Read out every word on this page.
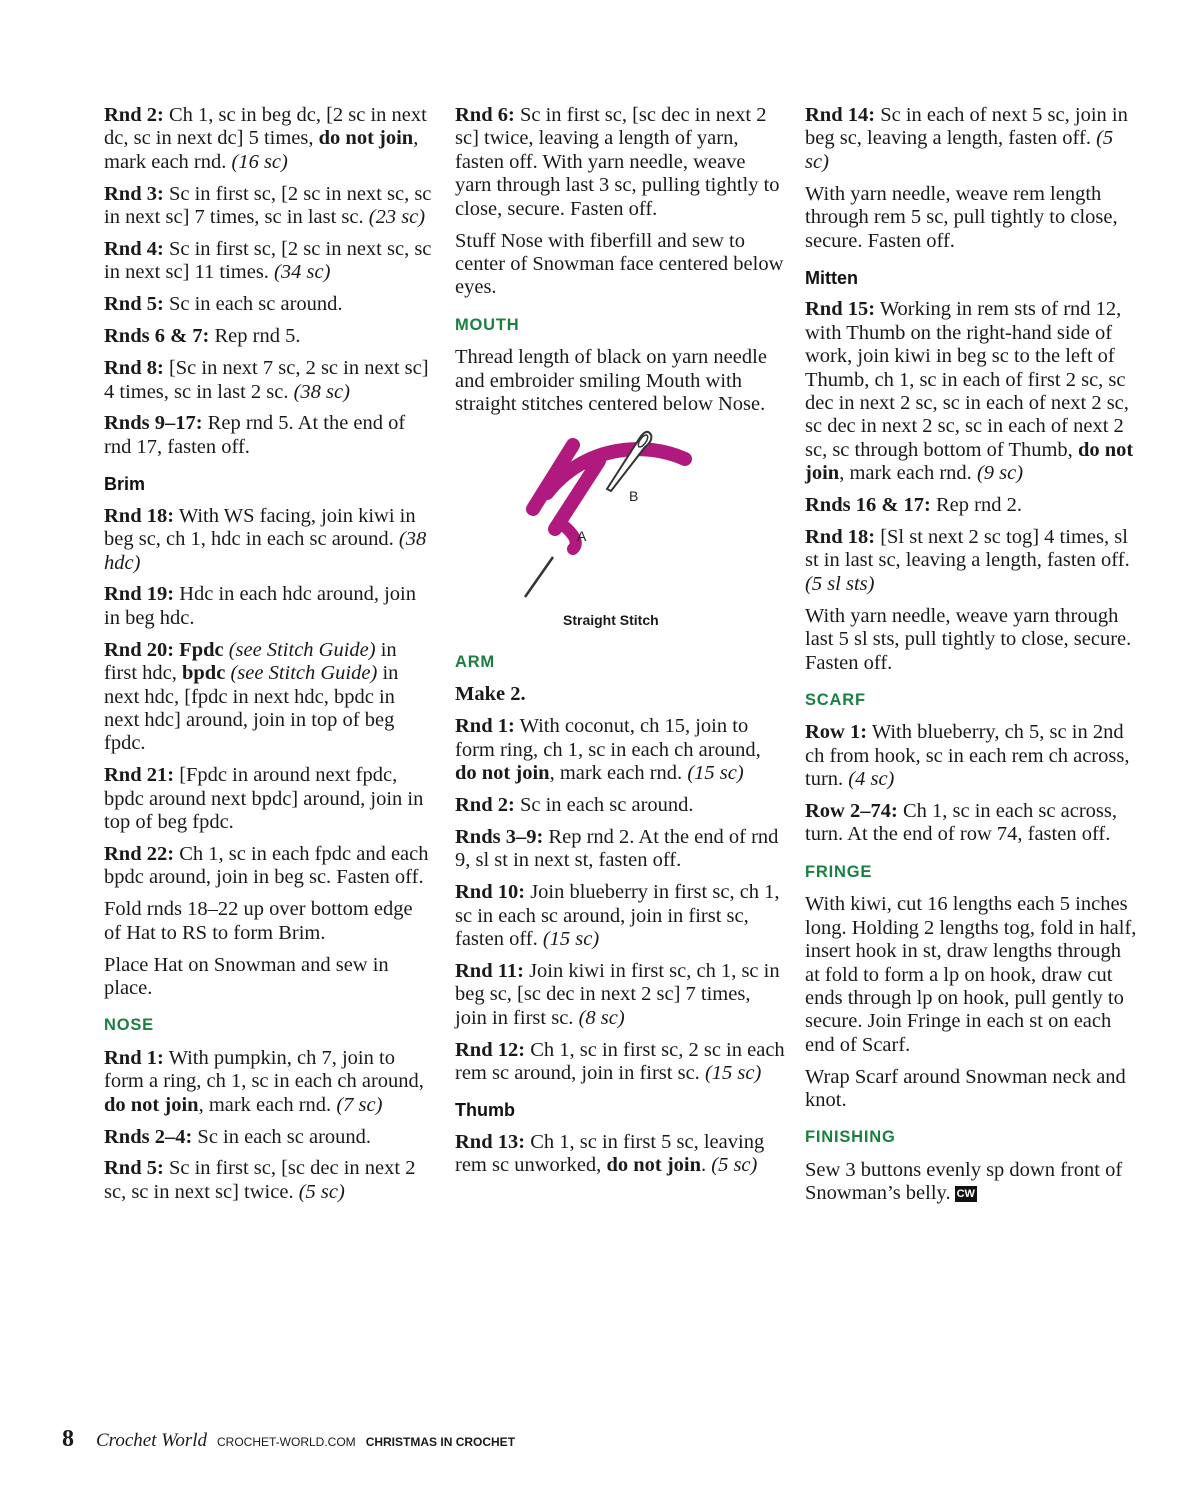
Rnd 2: Ch 1, sc in beg dc, [2 sc in next dc, sc in next dc] 5 times, do not join, mark each rnd. (16 sc)

Rnd 3: Sc in first sc, [2 sc in next sc, sc in next sc] 7 times, sc in last sc. (23 sc)

Rnd 4: Sc in first sc, [2 sc in next sc, sc in next sc] 11 times. (34 sc)

Rnd 5: Sc in each sc around.

Rnds 6 & 7: Rep rnd 5.

Rnd 8: [Sc in next 7 sc, 2 sc in next sc] 4 times, sc in last 2 sc. (38 sc)

Rnds 9–17: Rep rnd 5. At the end of rnd 17, fasten off.

Brim

Rnd 18: With WS facing, join kiwi in beg sc, ch 1, hdc in each sc around. (38 hdc)

Rnd 19: Hdc in each hdc around, join in beg hdc.

Rnd 20: Fpdc (see Stitch Guide) in first hdc, bpdc (see Stitch Guide) in next hdc, [fpdc in next hdc, bpdc in next hdc] around, join in top of beg fpdc.

Rnd 21: [Fpdc in around next fpdc, bpdc around next bpdc] around, join in top of beg fpdc.

Rnd 22: Ch 1, sc in each fpdc and each bpdc around, join in beg sc. Fasten off.

Fold rnds 18–22 up over bottom edge of Hat to RS to form Brim.

Place Hat on Snowman and sew in place.

NOSE

Rnd 1: With pumpkin, ch 7, join to form a ring, ch 1, sc in each ch around, do not join, mark each rnd. (7 sc)

Rnds 2–4: Sc in each sc around.

Rnd 5: Sc in first sc, [sc dec in next 2 sc, sc in next sc] twice. (5 sc)

Rnd 6: Sc in first sc, [sc dec in next 2 sc] twice, leaving a length of yarn, fasten off. With yarn needle, weave yarn through last 3 sc, pulling tightly to close, secure. Fasten off.

Stuff Nose with fiberfill and sew to center of Snowman face centered below eyes.

MOUTH

Thread length of black on yarn needle and embroider smiling Mouth with straight stitches centered below Nose.

B
A
Straight Stitch
ARM

Make 2.

Rnd 1: With coconut, ch 15, join to form ring, ch 1, sc in each ch around, do not join, mark each rnd. (15 sc)

Rnd 2: Sc in each sc around.

Rnds 3–9: Rep rnd 2. At the end of rnd 9, sl st in next st, fasten off.

Rnd 10: Join blueberry in first sc, ch 1, sc in each sc around, join in first sc, fasten off. (15 sc)

Rnd 11: Join kiwi in first sc, ch 1, sc in beg sc, [sc dec in next 2 sc] 7 times, join in first sc. (8 sc)

Rnd 12: Ch 1, sc in first sc, 2 sc in each rem sc around, join in first sc. (15 sc)

Thumb

Rnd 13: Ch 1, sc in first 5 sc, leaving rem sc unworked, do not join. (5 sc)

Rnd 14: Sc in each of next 5 sc, join in beg sc, leaving a length, fasten off. (5 sc)

With yarn needle, weave rem length through rem 5 sc, pull tightly to close, secure. Fasten off.

Mitten

Rnd 15: Working in rem sts of rnd 12, with Thumb on the right-hand side of work, join kiwi in beg sc to the left of Thumb, ch 1, sc in each of first 2 sc, sc dec in next 2 sc, sc in each of next 2 sc, sc dec in next 2 sc, sc in each of next 2 sc, sc through bottom of Thumb, do not join, mark each rnd. (9 sc)

Rnds 16 & 17: Rep rnd 2.

Rnd 18: [Sl st next 2 sc tog] 4 times, sl st in last sc, leaving a length, fasten off. (5 sl sts)

With yarn needle, weave yarn through last 5 sl sts, pull tightly to close, secure. Fasten off.

SCARF

Row 1: With blueberry, ch 5, sc in 2nd ch from hook, sc in each rem ch across, turn. (4 sc)

Row 2–74: Ch 1, sc in each sc across, turn. At the end of row 74, fasten off.

FRINGE

With kiwi, cut 16 lengths each 5 inches long. Holding 2 lengths tog, fold in half, insert hook in st, draw lengths through at fold to form a lp on hook, draw cut ends through lp on hook, pull gently to secure. Join Fringe in each st on each end of Scarf.

Wrap Scarf around Snowman neck and knot.

FINISHING

Sew 3 buttons evenly sp down front of Snowman’s belly. CW

8 Crochet World CROCHET-WORLD.COM CHRISTMAS IN CROCHET
